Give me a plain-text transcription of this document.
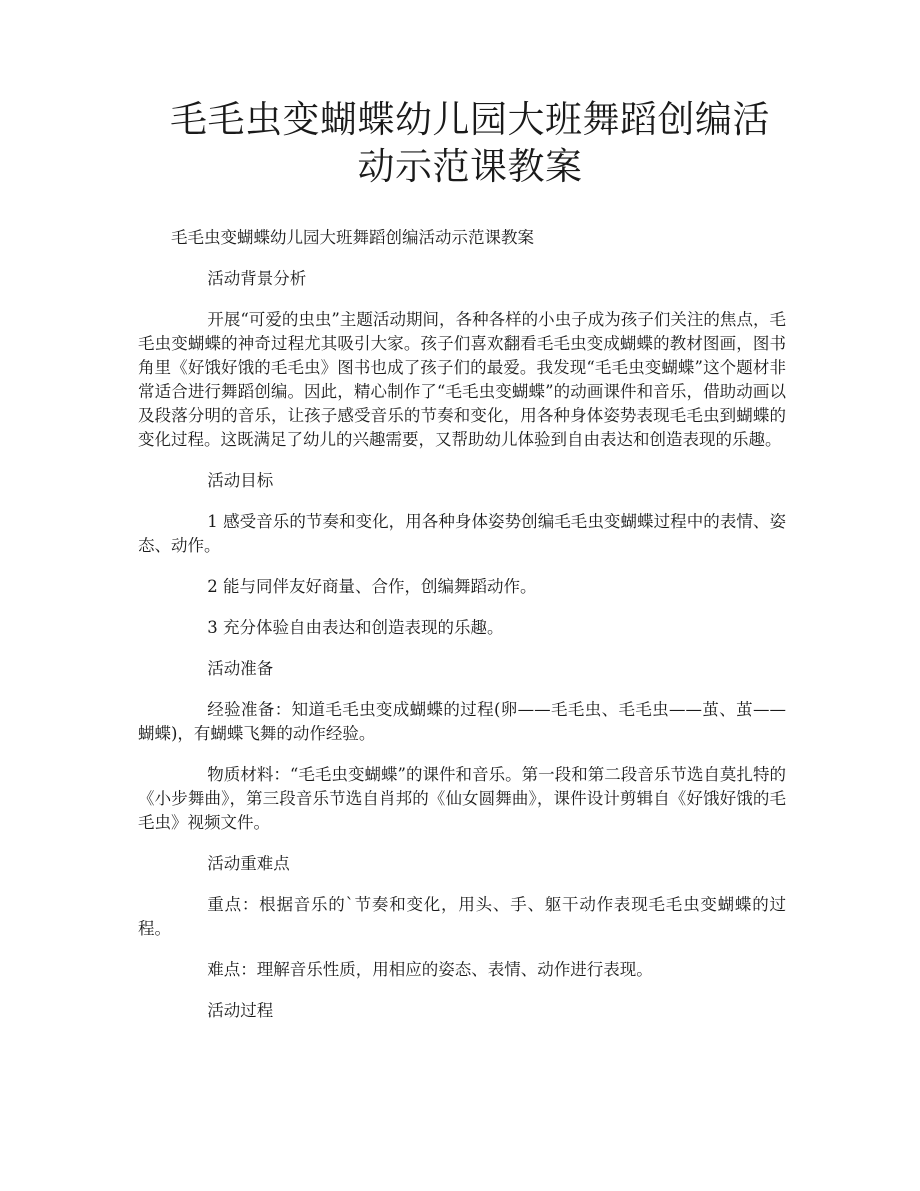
毛毛虫变蝴蝶幼儿园大班舞蹈创编活
动示范课教案

毛毛虫变蝴蝶幼儿园大班舞蹈创编活动示范课教案

活动背景分析

开展“可爱的虫虫”主题活动期间，各种各样的小虫子成为孩子们关注的焦点，毛毛虫变蝴蝶的神奇过程尤其吸引大家。孩子们喜欢翻看毛毛虫变成蝴蝶的教材图画，图书角里《好饿好饿的毛毛虫》图书也成了孩子们的最爱。我发现“毛毛虫变蝴蝶”这个题材非常适合进行舞蹈创编。因此，精心制作了“毛毛虫变蝴蝶”的动画课件和音乐，借助动画以及段落分明的音乐，让孩子感受音乐的节奏和变化，用各种身体姿势表现毛毛虫到蝴蝶的变化过程。这既满足了幼儿的兴趣需要，又帮助幼儿体验到自由表达和创造表现的乐趣。

活动目标

1 感受音乐的节奏和变化，用各种身体姿势创编毛毛虫变蝴蝶过程中的表情、姿态、动作。

2 能与同伴友好商量、合作，创编舞蹈动作。

3 充分体验自由表达和创造表现的乐趣。

活动准备

经验准备：知道毛毛虫变成蝴蝶的过程(卵——毛毛虫、毛毛虫——茧、茧——蝴蝶)，有蝴蝶飞舞的动作经验。

物质材料：“毛毛虫变蝴蝶”的课件和音乐。第一段和第二段音乐节选自莫扎特的《小步舞曲》，第三段音乐节选自肖邦的《仙女圆舞曲》，课件设计剪辑自《好饿好饿的毛毛虫》视频文件。

活动重难点

重点：根据音乐的`节奏和变化，用头、手、躯干动作表现毛毛虫变蝴蝶的过程。

难点：理解音乐性质，用相应的姿态、表情、动作进行表现。

活动过程
